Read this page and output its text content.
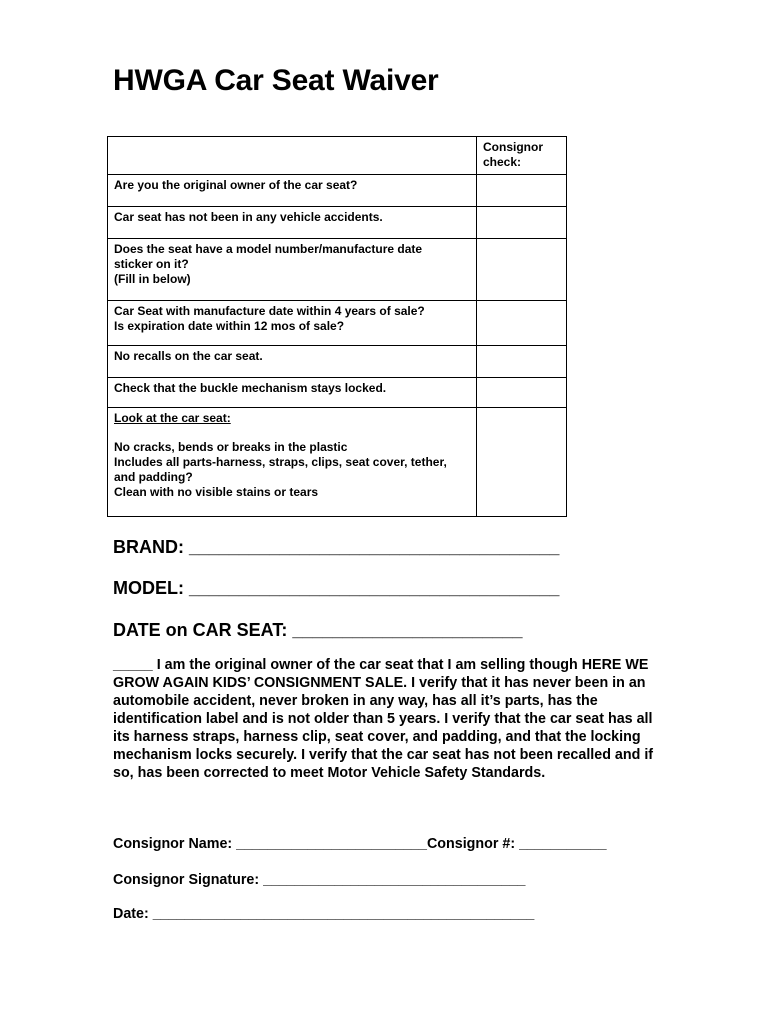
HWGA Car Seat Waiver
	Consignor check:

Are you the original owner of the car seat?	

Car seat has not been in any vehicle accidents.	

Does the seat have a model number/manufacture date
sticker on it?
(Fill in below)	

Car Seat with manufacture date within 4 years of sale?
Is expiration date within 12 mos of sale?	

No recalls on the car seat.	

Check that the buckle mechanism stays locked.	

Look at the car seat:
No cracks, bends or breaks in the plastic
Includes all parts-harness, straps, clips, seat cover, tether,
and padding?
Clean with no visible stains or tears	

BRAND: _____________________________________
MODEL: _____________________________________
DATE on CAR SEAT: _______________________

_____ I am the original owner of the car seat that I am selling though HERE WE GROW AGAIN KIDS’ CONSIGNMENT SALE. I verify that it has never been in an automobile accident, never broken in any way, has all it’s parts, has the identification label and is not older than 5 years. I verify that the car seat has all its harness straps, harness clip, seat cover, and padding, and that the locking mechanism locks securely. I verify that the car seat has not been recalled and if so, has been corrected to meet Motor Vehicle Safety Standards.

Consignor Name: ________________________Consignor #: ___________
Consignor Signature: _________________________________
Date: ________________________________________________
